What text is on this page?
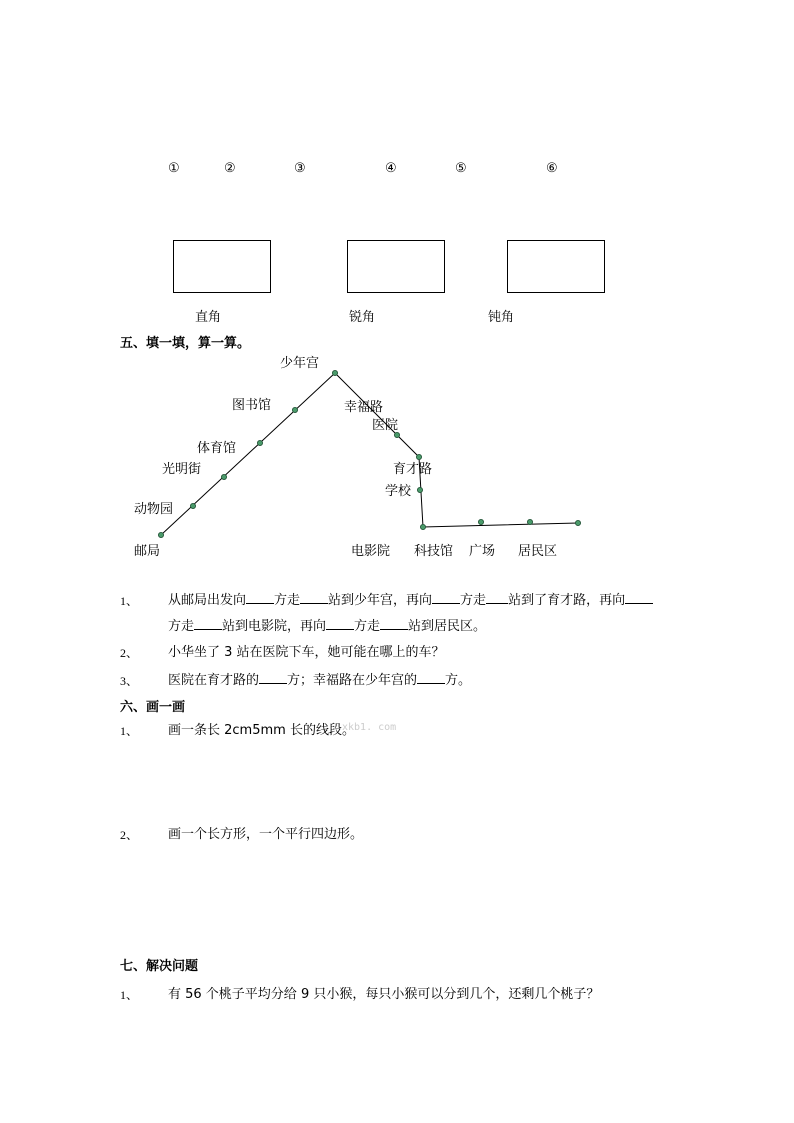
①	②	③	④	⑤	⑥
直角	锐角	钝角
五、填一填，算一算。
少年宫
图书馆	幸福路
医院
体育馆
光明街	育才路
学校
动物园
邮局	电影院 科技馆 广场 居民区
1、 从邮局出发向 方走 站到少年宫，再向 方走 站到了育才路，再向
方走 站到电影院，再向 方走 站到居民区。
2、 小华坐了 3 站在医院下车，她可能在哪上的车？
3、 医院在育才路的 方；幸福路在少年宫的 方。
六、画一画
1、 画一条长 2cm5mm 长的线段。
xkb1. com
2、 画一个长方形，一个平行四边形。
七、解决问题
1、 有 56 个桃子平均分给 9 只小猴，每只小猴可以分到几个，还剩几个桃子？
